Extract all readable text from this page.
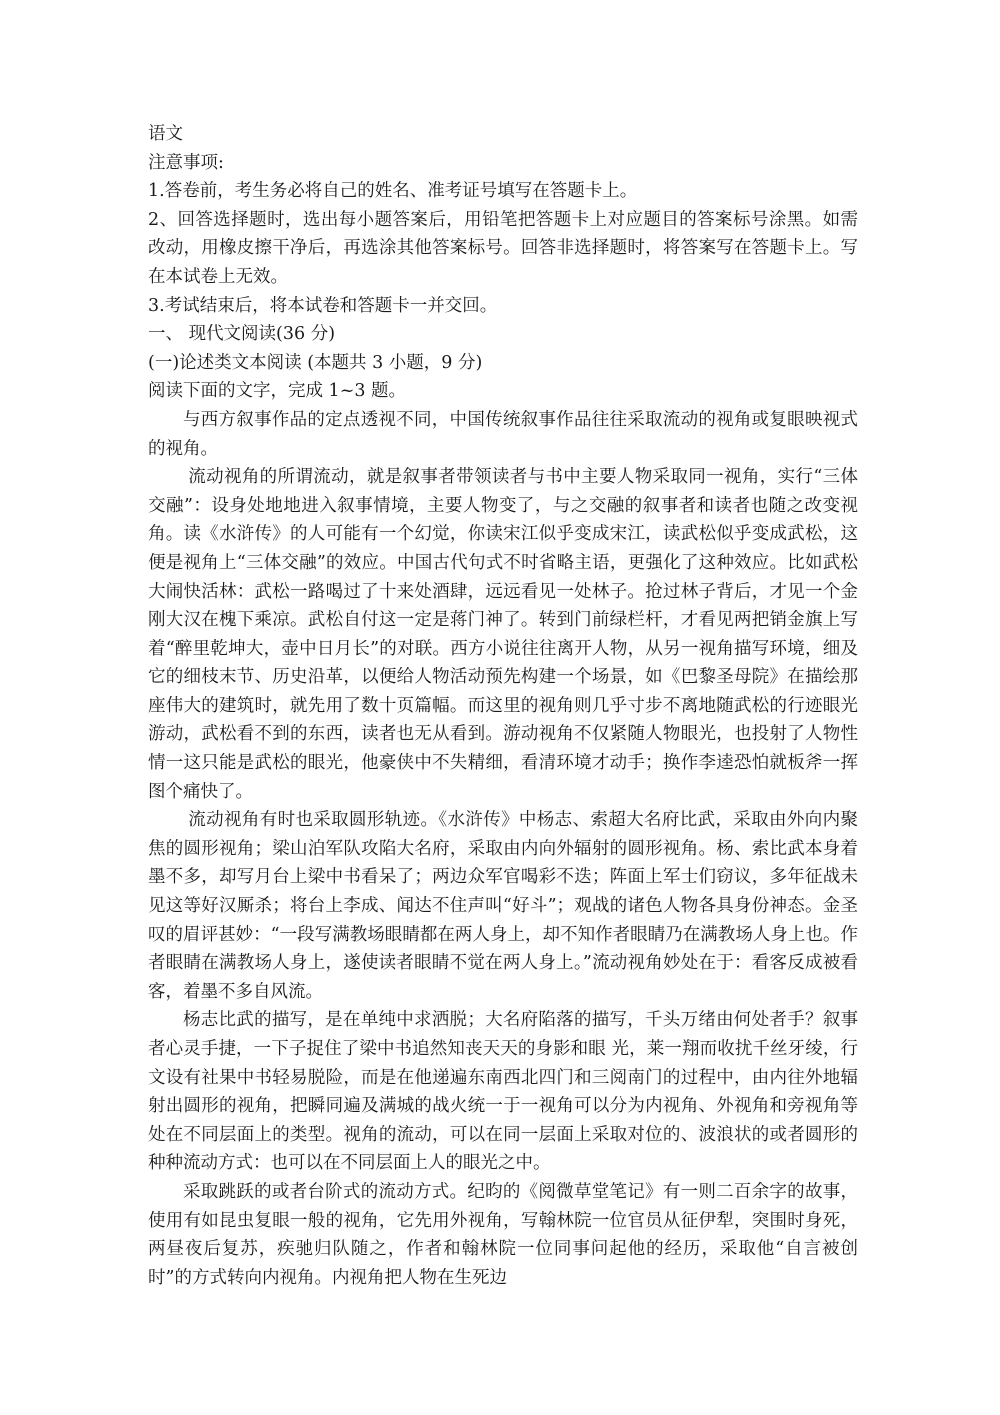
语文
注意事项:
1.答卷前，考生务必将自己的姓名、准考证号填写在答题卡上。
2、回答选择题时，选出每小题答案后，用铅笔把答题卡上对应题目的答案标号涂黑。如需改动，用橡皮擦干净后，再选涂其他答案标号。回答非选择题时，将答案写在答题卡上。写在本试卷上无效。
3.考试结束后，将本试卷和答题卡一并交回。
一、 现代文阅读(36 分)
(一)论述类文本阅读 (本题共 3 小题，9 分)
阅读下面的文字，完成 1~3 题。

与西方叙事作品的定点透视不同，中国传统叙事作品往往采取流动的视角或复眼映视式的视角。

流动视角的所谓流动，就是叙事者带领读者与书中主要人物采取同一视角，实行“三体交融”：设身处地地进入叙事情境，主要人物变了，与之交融的叙事者和读者也随之改变视角。读《水浒传》的人可能有一个幻觉，你读宋江似乎变成宋江，读武松似乎变成武松，这便是视角上“三体交融”的效应。中国古代句式不时省略主语，更强化了这种效应。比如武松大闹快活林：武松一路喝过了十来处酒肆，远远看见一处林子。抢过林子背后，才见一个金刚大汉在槐下乘凉。武松自付这一定是蒋门神了。转到门前绿栏杆，才看见两把销金旗上写着“醉里乾坤大，壶中日月长”的对联。西方小说往往离开人物，从另一视角描写环境，细及它的细枝末节、历史沿革，以便给人物活动预先构建一个场景，如《巴黎圣母院》在描绘那座伟大的建筑时，就先用了数十页篇幅。而这里的视角则几乎寸步不离地随武松的行迹眼光游动，武松看不到的东西，读者也无从看到。游动视角不仅紧随人物眼光，也投射了人物性情一这只能是武松的眼光，他豪侠中不失精细，看清环境才动手；换作李逵恐怕就板斧一挥图个痛快了。

流动视角有时也采取圆形轨迹。《水浒传》中杨志、索超大名府比武，采取由外向内聚焦的圆形视角；梁山泊军队攻陷大名府，采取由内向外辐射的圆形视角。杨、索比武本身着墨不多，却写月台上梁中书看呆了；两边众军官喝彩不迭；阵面上军士们窃议，多年征战未见这等好汉厮杀；将台上李成、闻达不住声叫“好斗”；观战的诸色人物各具身份神态。金圣叹的眉评甚妙：“一段写满教场眼睛都在两人身上，却不知作者眼睛乃在满教场人身上也。作者眼睛在满教场人身上，遂使读者眼睛不觉在两人身上。”流动视角妙处在于：看客反成被看客，着墨不多自风流。

杨志比武的描写，是在单纯中求洒脱；大名府陷落的描写，千头万绪由何处者手？叙事者心灵手捷，一下子捉住了梁中书追然知丧天天的身影和眼 光，莱一翔而收扰千丝牙绫，行文设有社果中书轻易脱险，而是在他递遍东南西北四门和三阅南门的过程中，由内往外地辐射出圆形的视角，把瞬同遍及满城的战火统一于一视角可以分为内视角、外视角和旁视角等处在不同层面上的类型。视角的流动，可以在同一层面上采取对位的、波浪状的或者圆形的种种流动方式：也可以在不同层面上人的眼光之中。

采取跳跃的或者台阶式的流动方式。纪昀的《阅微草堂笔记》有一则二百余字的故事，使用有如昆虫复眼一般的视角，它先用外视角，写翰林院一位官员从征伊犁，突围时身死，两昼夜后复苏，疾驰归队随之，作者和翰林院一位同事问起他的经历，采取他“自言被创时”的方式转向内视角。内视角把人物在生死边
